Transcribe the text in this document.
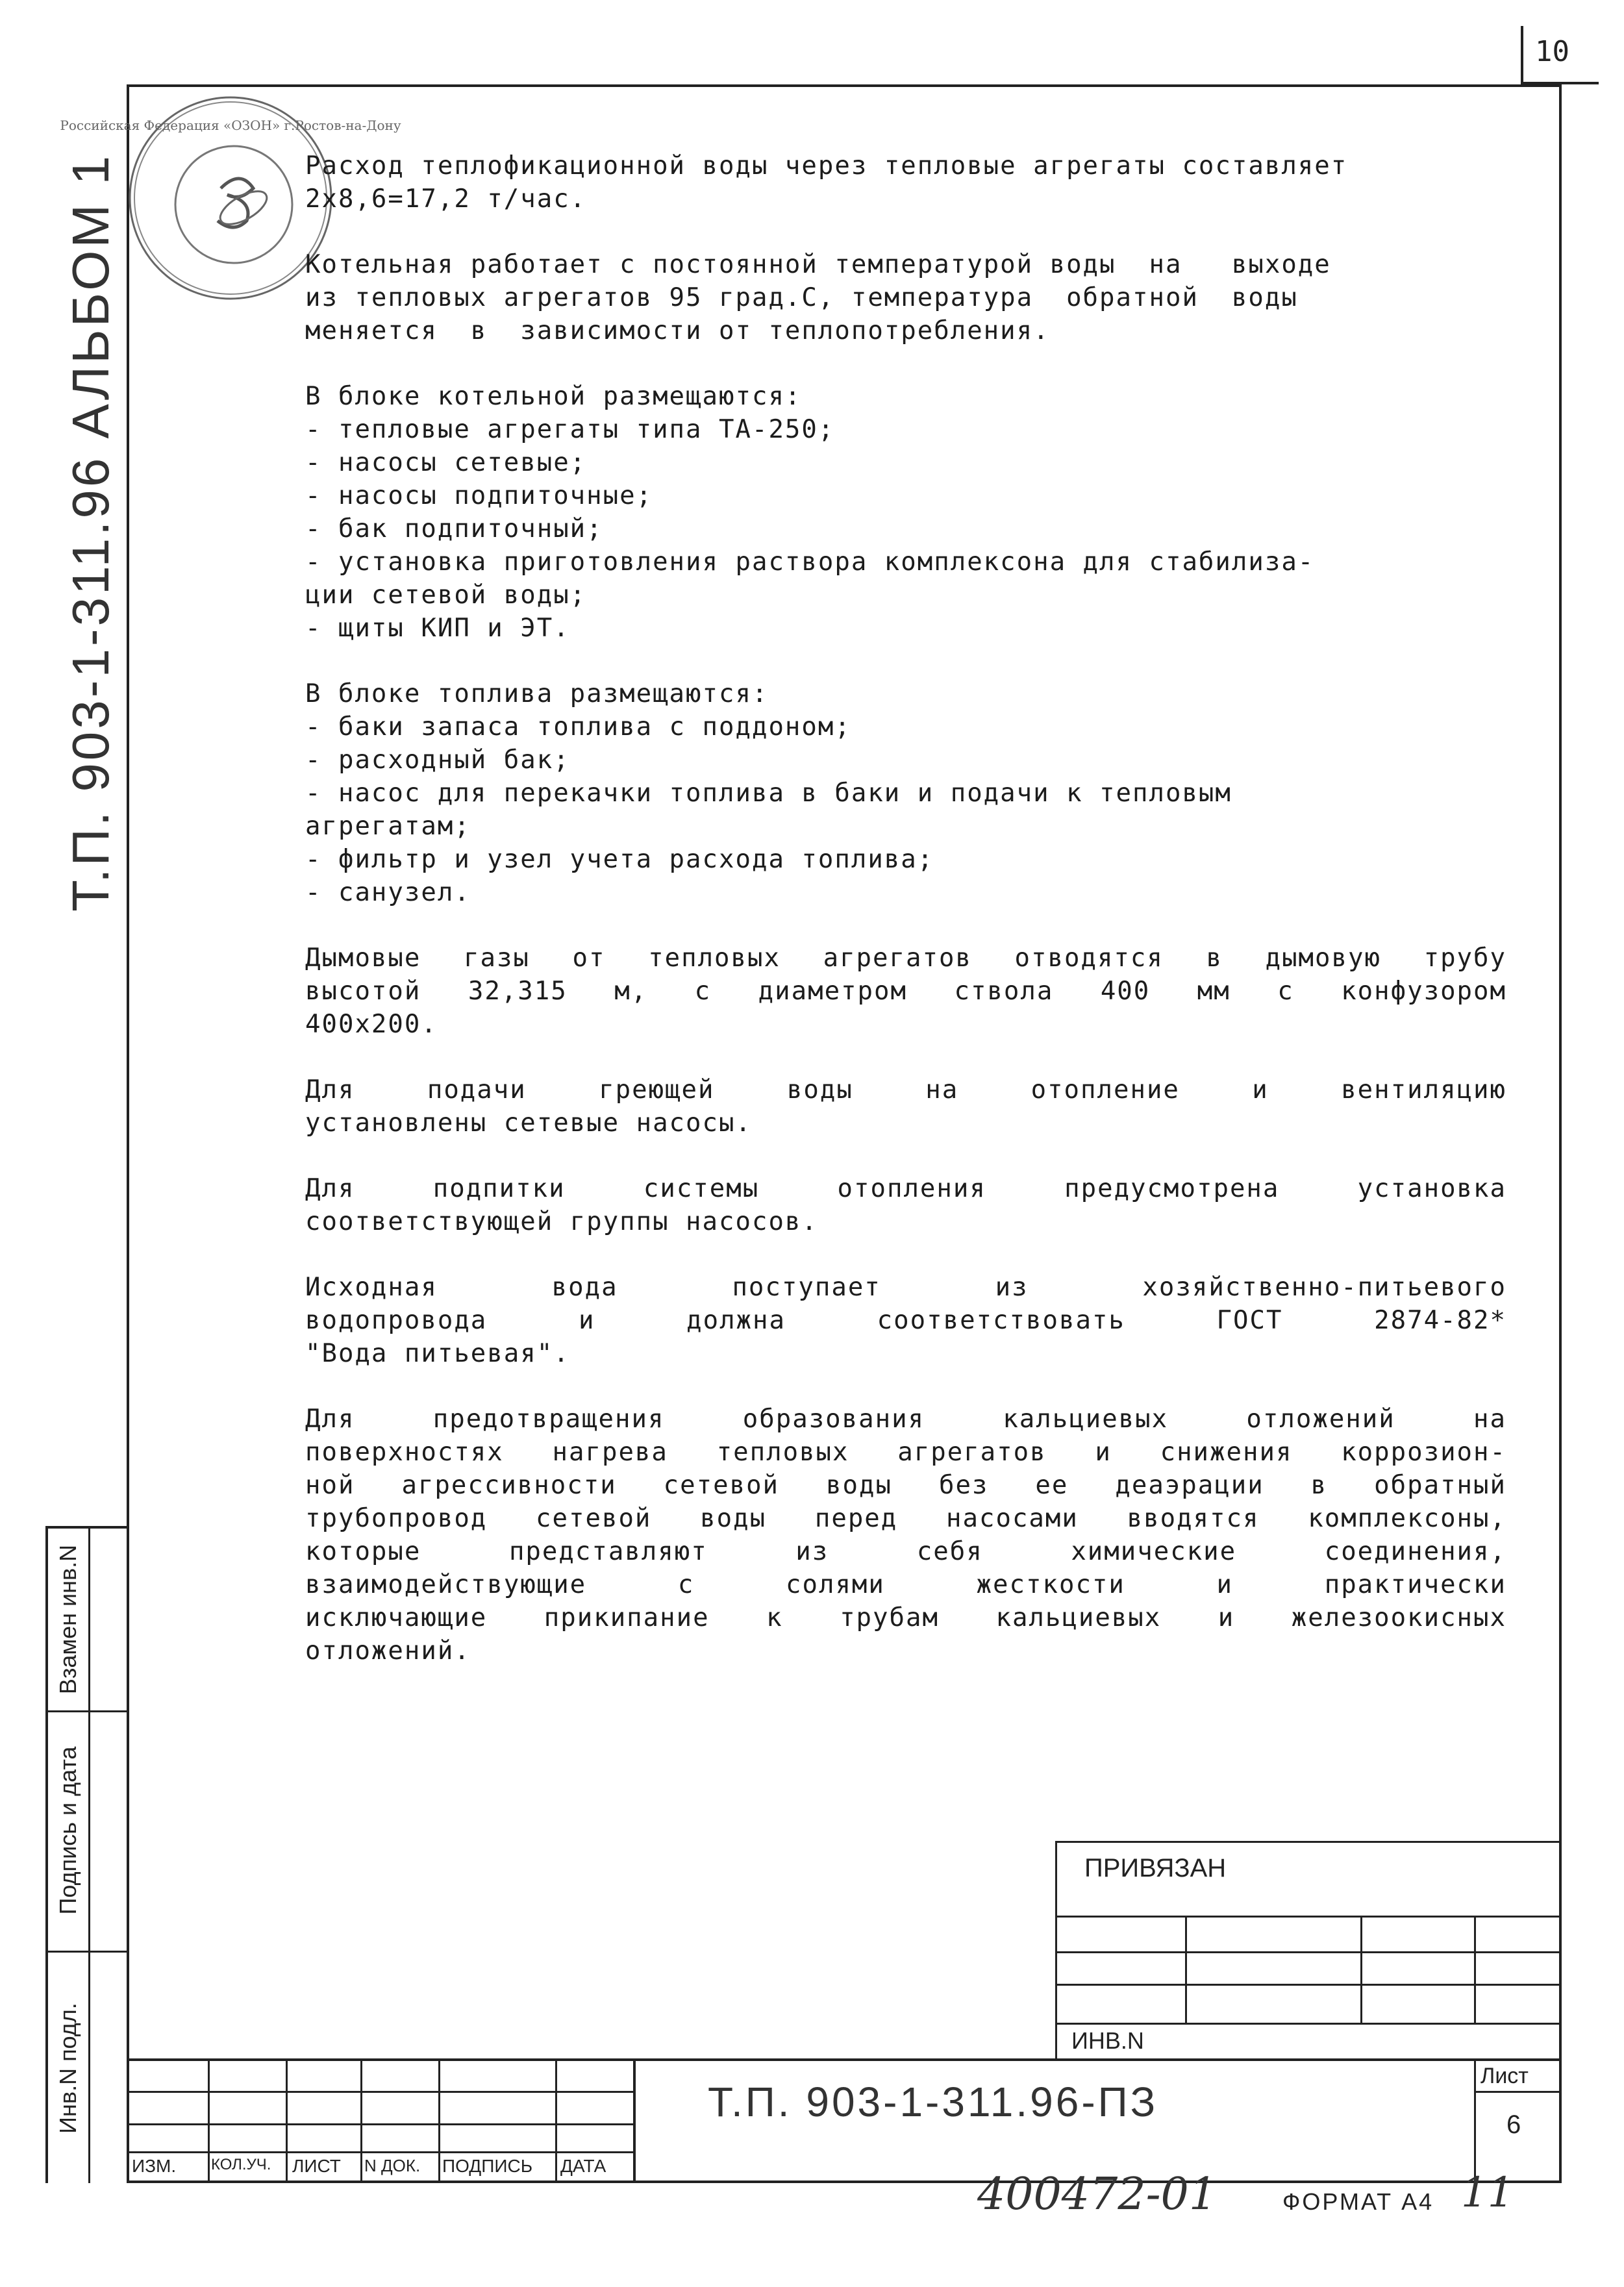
10
Т.П. 903-1-311.96 АЛЬБОМ 1
Российская Федерация «ОЗОН» г.Ростов-на-Дону
Расход теплофикационной воды через тепловые агрегаты составляет
2х8,6=17,2 т/час.
Котельная работает с постоянной температурой воды  на   выходе
из тепловых агрегатов 95 град.С, температура  обратной  воды
меняется  в  зависимости от теплопотребления.
В блоке котельной размещаются:
- тепловые агрегаты типа ТА-250;
- насосы сетевые;
- насосы подпиточные;
- бак подпиточный;
- установка приготовления раствора комплексона для стабилиза-
ции сетевой воды;
- щиты КИП и ЭТ.
В блоке топлива размещаются:
- баки запаса топлива с поддоном;
- расходный бак;
- насос для перекачки топлива в баки и подачи к тепловым
агрегатам;
- фильтр и узел учета расхода топлива;
- санузел.
Дымовые газы от тепловых агрегатов отводятся в дымовую трубу
высотой 32,315 м, с диаметром ствола 400 мм с конфузором
400х200.
Для подачи греющей воды на отопление и вентиляцию
установлены сетевые насосы.
Для подпитки системы отопления предусмотрена установка
соответствующей группы насосов.
Исходная вода поступает из хозяйственно-питьевого
водопровода и должна соответствовать ГОСТ 2874-82*
"Вода питьевая".
Для предотвращения образования кальциевых отложений на
поверхностях нагрева тепловых агрегатов и снижения коррозион-
ной агрессивности сетевой воды без ее деаэрации в обратный
трубопровод сетевой воды перед насосами вводятся комплексоны,
которые представляют из себя химические соединения,
взаимодействующие с солями жесткости и практически
исключающие прикипание к трубам кальциевых и железоокисных
отложений.
ПРИВЯЗАН
ИНВ.N
ИЗМ. КОЛ.УЧ. ЛИСТ N ДОК. ПОДПИСЬ ДАТА
Лист
6
Т.П. 903-1-311.96-ПЗ
Взамен инв.N
Подпись и дата
Инв.N подл.
400472-01	ФОРМАТ А4 11
